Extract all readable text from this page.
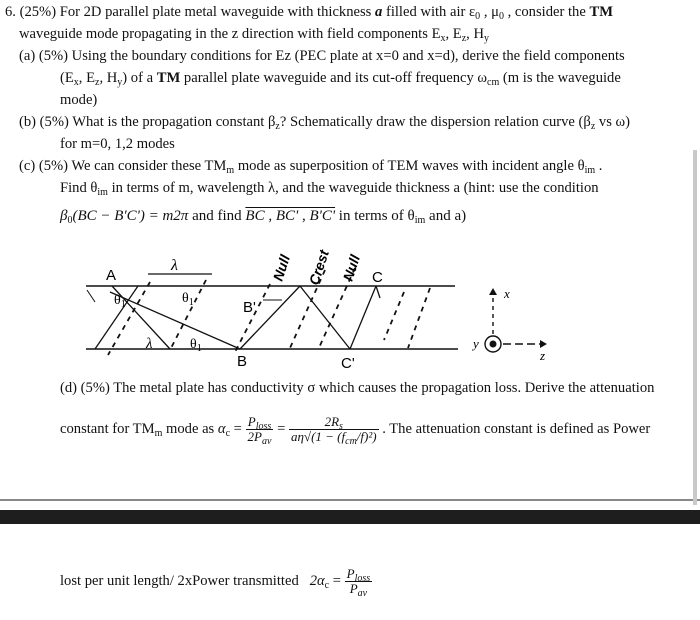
6. (25%) For 2D parallel plate metal waveguide with thickness a filled with air $\varepsilon_0$ , $\mu_0$ , consider the TM
waveguide mode propagating in the z direction with field components $E_x$, $E_z$, $H_y$
(a) (5%) Using the boundary conditions for Ez (PEC plate at x=0 and x=d), derive the field components
($E_x$, $E_z$, $H_y$) of a TM parallel plate waveguide and its cut-off frequency $\omega_{cm}$ (m is the waveguide
mode)
(b) (5%) What is the propagation constant $\beta_z$? Schematically draw the dispersion relation curve ($\beta_z$ vs ω)
for m=0, 1,2 modes
(c) (5%) We can consider these $TM_m$ mode as superposition of TEM waves with incident angle $\theta_{im}$ .
Find $\theta_{im}$ in terms of m, wavelength λ, and the waveguide thickness a (hint: use the condition
$\beta_0(BC - B'C') = m2\pi$ and find BC , BC' , B'C' in terms of $\theta_{im}$ and a)
A
λ	Null Crest Null C
$\theta_1$	$\theta_1$
$\theta_1$
B'
λ
B	C'
x
y
z
(d) (5%) The metal plate has conductivity σ which causes the propagation loss. Derive the attenuation
constant for $TM_m$ mode as $\alpha_c = \frac{P_{loss}}{2P_{av}} = \frac{2R_s}{a\eta√(1 - (f_{cm}/f)^2)}$ . The attenuation constant is defined as Power
lost per unit length/ 2xPower transmitted $2\alpha_c = \frac{P_{loss}}{P_{av}}$
